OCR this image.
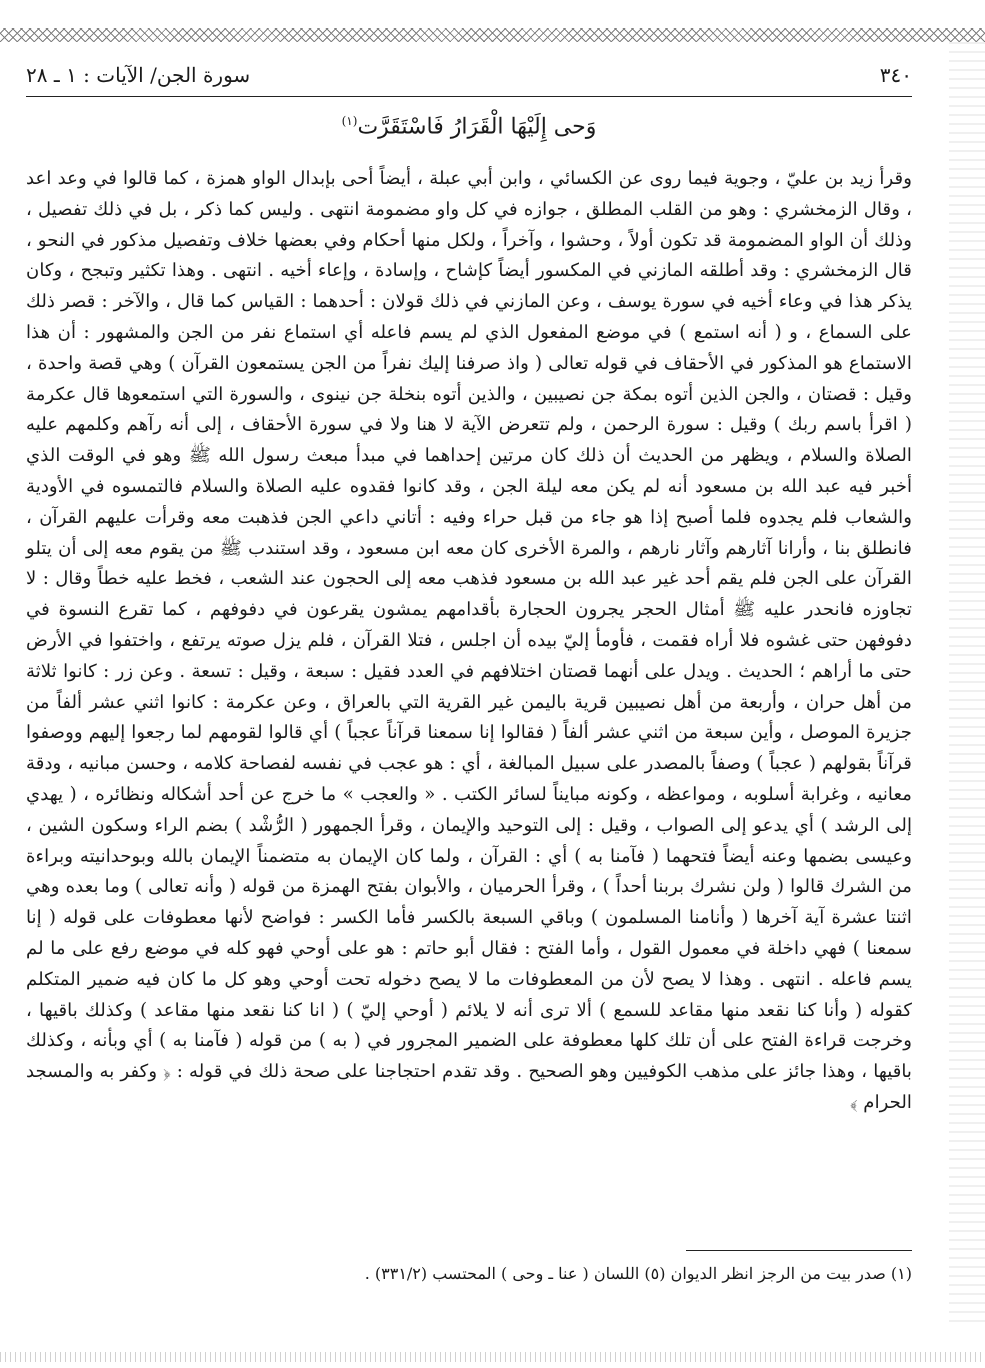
٣٤٠
سورة الجن/ الآيات : ١ ـ ٢٨
وَحى إِلَيْهَا الْقَرَارُ فَاسْتَقَرَّت$^{(١)}$

وقرأ زيد بن عليّ ، وجوية فيما روى عن الكسائي ، وابن أبي عبلة ، أيضاً أحى بإبدال الواو همزة ، كما قالوا في وعد اعد ، وقال الزمخشري : وهو من القلب المطلق ، جوازه في كل واو مضمومة انتهى . وليس كما ذكر ، بل في ذلك تفصيل ، وذلك أن الواو المضمومة قد تكون أولاً ، وحشوا ، وآخراً ، ولكل منها أحكام وفي بعضها خلاف وتفصيل مذكور في النحو ، قال الزمخشري : وقد أطلقه المازني في المكسور أيضاً كإشاح ، وإسادة ، وإعاء أخيه . انتهى . وهذا تكثير وتبجح ، وكان يذكر هذا في وعاء أخيه في سورة يوسف ، وعن المازني في ذلك قولان : أحدهما : القياس كما قال ، والآخر : قصر ذلك على السماع ، و ( أنه استمع ) في موضع المفعول الذي لم يسم فاعله أي استماع نفر من الجن والمشهور : أن هذا الاستماع هو المذكور في الأحقاف في قوله تعالى ( واذ صرفنا إليك نفراً من الجن يستمعون القرآن ) وهي قصة واحدة ، وقيل : قصتان ، والجن الذين أتوه بمكة جن نصيبين ، والذين أتوه بنخلة جن نينوى ، والسورة التي استمعوها قال عكرمة ( اقرأ باسم ربك ) وقيل : سورة الرحمن ، ولم تتعرض الآية لا هنا ولا في سورة الأحقاف ، إلى أنه رآهم وكلمهم عليه الصلاة والسلام ، ويظهر من الحديث أن ذلك كان مرتين إحداهما في مبدأ مبعث رسول الله ﷺ وهو في الوقت الذي أخبر فيه عبد الله بن مسعود أنه لم يكن معه ليلة الجن ، وقد كانوا فقدوه عليه الصلاة والسلام فالتمسوه في الأودية والشعاب فلم يجدوه فلما أصبح إذا هو جاء من قبل حراء وفيه : أتاني داعي الجن فذهبت معه وقرأت عليهم القرآن ، فانطلق بنا ، وأرانا آثارهم وآثار نارهم ، والمرة الأخرى كان معه ابن مسعود ، وقد استندب ﷺ من يقوم معه إلى أن يتلو القرآن على الجن فلم يقم أحد غير عبد الله بن مسعود فذهب معه إلى الحجون عند الشعب ، فخط عليه خطاً وقال : لا تجاوزه فانحدر عليه ﷺ أمثال الحجر يجرون الحجارة بأقدامهم يمشون يقرعون في دفوفهم ، كما تقرع النسوة في دفوفهن حتى غشوه فلا أراه فقمت ، فأومأ إليّ بيده أن اجلس ، فتلا القرآن ، فلم يزل صوته يرتفع ، واختفوا في الأرض حتى ما أراهم ؛ الحديث . ويدل على أنهما قصتان اختلافهم في العدد فقيل : سبعة ، وقيل : تسعة . وعن زر : كانوا ثلاثة من أهل حران ، وأربعة من أهل نصيبين قرية باليمن غير القرية التي بالعراق ، وعن عكرمة : كانوا اثني عشر ألفاً من جزيرة الموصل ، وأين سبعة من اثني عشر ألفاً ( فقالوا إنا سمعنا قرآناً عجباً ) أي قالوا لقومهم لما رجعوا إليهم ووصفوا قرآناً بقولهم ( عجباً ) وصفاً بالمصدر على سبيل المبالغة ، أي : هو عجب في نفسه لفصاحة كلامه ، وحسن مبانيه ، ودقة معانيه ، وغرابة أسلوبه ، ومواعظه ، وكونه مبايناً لسائر الكتب . « والعجب » ما خرج عن أحد أشكاله ونظائره ، ( يهدي إلى الرشد ) أي يدعو إلى الصواب ، وقيل : إلى التوحيد والإيمان ، وقرأ الجمهور ( الرُّشْد ) بضم الراء وسكون الشين ، وعيسى بضمها وعنه أيضاً فتحهما ( فآمنا به ) أي : القرآن ، ولما كان الإيمان به متضمناً الإيمان بالله وبوحدانيته وبراءة من الشرك قالوا ( ولن نشرك بربنا أحداً ) ، وقرأ الحرميان ، والأبوان بفتح الهمزة من قوله ( وأنه تعالى ) وما بعده وهي اثنتا عشرة آية آخرها ( وأنامنا المسلمون ) وباقي السبعة بالكسر فأما الكسر : فواضح لأنها معطوفات على قوله ( إنا سمعنا ) فهي داخلة في معمول القول ، وأما الفتح : فقال أبو حاتم : هو على أوحي فهو كله في موضع رفع على ما لم يسم فاعله . انتهى . وهذا لا يصح لأن من المعطوفات ما لا يصح دخوله تحت أوحي وهو كل ما كان فيه ضمير المتكلم كقوله ( وأنا كنا نقعد منها مقاعد للسمع ) ألا ترى أنه لا يلائم ( أوحي إليّ ) ( انا كنا نقعد منها مقاعد ) وكذلك باقيها ، وخرجت قراءة الفتح على أن تلك كلها معطوفة على الضمير المجرور في ( به ) من قوله ( فآمنا به ) أي وبأنه ، وكذلك باقيها ، وهذا جائز على مذهب الكوفيين وهو الصحيح . وقد تقدم احتجاجنا على صحة ذلك في قوله : ﴿ وكفر به والمسجد الحرام ﴾

(١) صدر بيت من الرجز انظر الديوان (٥) اللسان ( عنا ـ وحى ) المحتسب (٣٣١/٢) .
